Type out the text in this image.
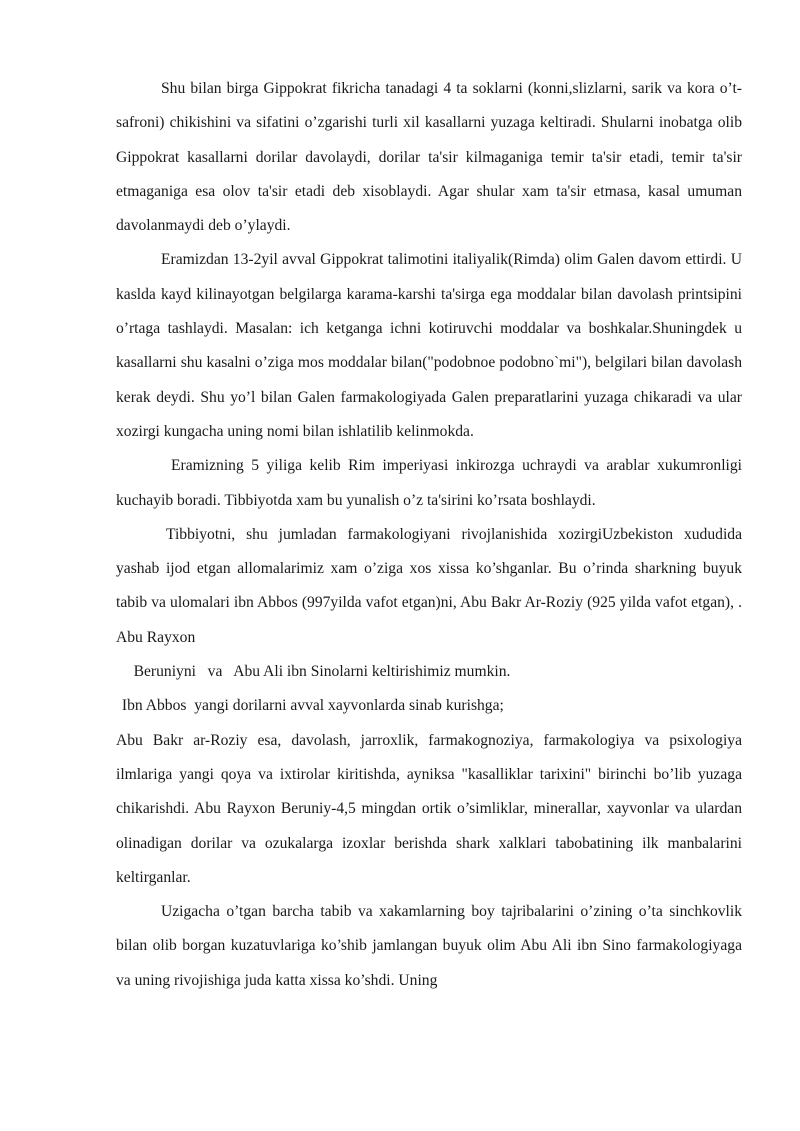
Shu bilan birga Gippokrat fikricha tanadagi 4 ta soklarni (konni,slizlarni, sarik va kora o’t-safroni) chikishini va sifatini o’zgarishi turli xil kasallarni yuzaga keltiradi. Shularni inobatga olib Gippokrat kasallarni dorilar davolaydi, dorilar ta'sir kilmaganiga temir ta'sir etadi, temir ta'sir etmaganiga esa olov ta'sir etadi deb xisoblaydi. Agar shular xam ta'sir etmasa, kasal umuman davolanmaydi deb o’ylaydi.

Eramizdan 13-2yil avval Gippokrat talimotini italiyalik(Rimda) olim Galen davom ettirdi. U kaslda kayd kilinayotgan belgilarga karama-karshi ta'sirga ega moddalar bilan davolash printsipini o’rtaga tashlaydi. Masalan: ich ketganga ichni kotiruvchi moddalar va boshkalar.Shuningdek u kasallarni shu kasalni o’ziga mos moddalar bilan("podobnoe podobno`mi"), belgilari bilan davolash kerak deydi. Shu yo’l bilan Galen farmakologiyada Galen preparatlarini yuzaga chikaradi va ular xozirgi kungacha uning nomi bilan ishlatilib kelinmokda.

Eramizning 5 yiliga kelib Rim imperiyasi inkirozga uchraydi va arablar xukumronligi kuchayib boradi. Tibbiyotda xam bu yunalish o’z ta'sirini ko’rsata boshlaydi.

Tibbiyotni, shu jumladan farmakologiyani rivojlanishida xozirgiUzbekiston xududida yashab ijod etgan allomalarimiz xam o’ziga xos xissa ko’shganlar. Bu o’rinda sharkning buyuk tabib va ulomalari ibn Abbos (997yilda vafot etgan)ni, Abu Bakr Ar-Roziy (925 yilda vafot etgan), . Abu Rayxon

Beruniyni   va   Abu Ali ibn Sinolarni keltirishimiz mumkin.

Ibn Abbos  yangi dorilarni avval xayvonlarda sinab kurishga;

Abu Bakr ar-Roziy esa, davolash, jarroxlik, farmakognoziya, farmakologiya va psixologiya ilmlariga yangi qoya va ixtirolar kiritishda, ayniksa "kasalliklar tarixini" birinchi bo’lib yuzaga chikarishdi. Abu Rayxon Beruniy-4,5 mingdan ortik o’simliklar, minerallar, xayvonlar va ulardan olinadigan dorilar va ozukalarga izoxlar berishda shark xalklari tabobatining ilk manbalarini keltirganlar.

Uzigacha o’tgan barcha tabib va xakamlarning boy tajribalarini o’zining o’ta sinchkovlik bilan olib borgan kuzatuvlariga ko’shib jamlangan buyuk olim Abu Ali ibn Sino farmakologiyaga va uning rivojishiga juda katta xissa ko’shdi. Uning
